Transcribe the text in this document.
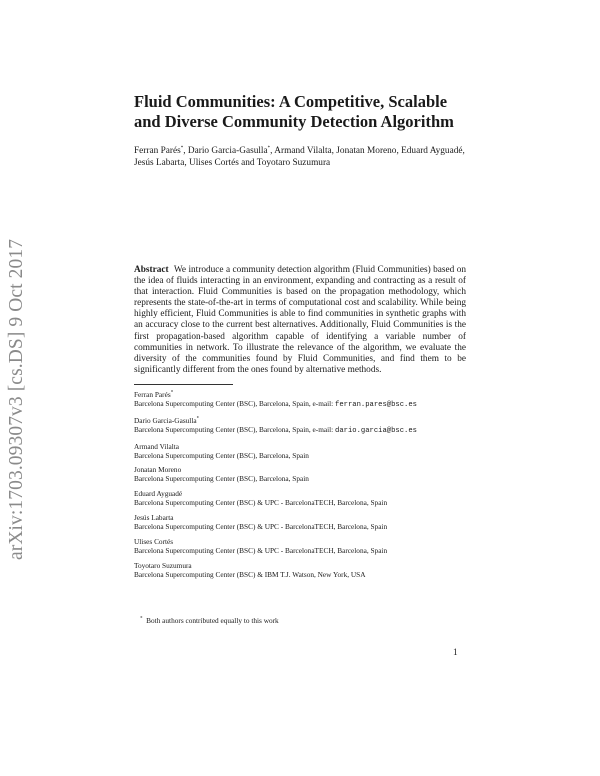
arXiv:1703.09307v3 [cs.DS] 9 Oct 2017
Fluid Communities: A Competitive, Scalable and Diverse Community Detection Algorithm
Ferran Parés*, Dario Garcia-Gasulla*, Armand Vilalta, Jonatan Moreno, Eduard Ayguadé, Jesús Labarta, Ulises Cortés and Toyotaro Suzumura
Abstract We introduce a community detection algorithm (Fluid Communities) based on the idea of fluids interacting in an environment, expanding and contracting as a result of that interaction. Fluid Communities is based on the propagation methodology, which represents the state-of-the-art in terms of computational cost and scalability. While being highly efficient, Fluid Communities is able to find communities in synthetic graphs with an accuracy close to the current best alternatives. Additionally, Fluid Communities is the first propagation-based algorithm capable of identifying a variable number of communities in network. To illustrate the relevance of the algorithm, we evaluate the diversity of the communities found by Fluid Communities, and find them to be significantly different from the ones found by alternative methods.
Ferran Parés*
Barcelona Supercomputing Center (BSC), Barcelona, Spain, e-mail: ferran.pares@bsc.es
Dario Garcia-Gasulla*
Barcelona Supercomputing Center (BSC), Barcelona, Spain, e-mail: dario.garcia@bsc.es
Armand Vilalta
Barcelona Supercomputing Center (BSC), Barcelona, Spain
Jonatan Moreno
Barcelona Supercomputing Center (BSC), Barcelona, Spain
Eduard Ayguadé
Barcelona Supercomputing Center (BSC) & UPC - BarcelonaTECH, Barcelona, Spain
Jesús Labarta
Barcelona Supercomputing Center (BSC) & UPC - BarcelonaTECH, Barcelona, Spain
Ulises Cortés
Barcelona Supercomputing Center (BSC) & UPC - BarcelonaTECH, Barcelona, Spain
Toyotaro Suzumura
Barcelona Supercomputing Center (BSC) & IBM T.J. Watson, New York, USA
* Both authors contributed equally to this work
1
